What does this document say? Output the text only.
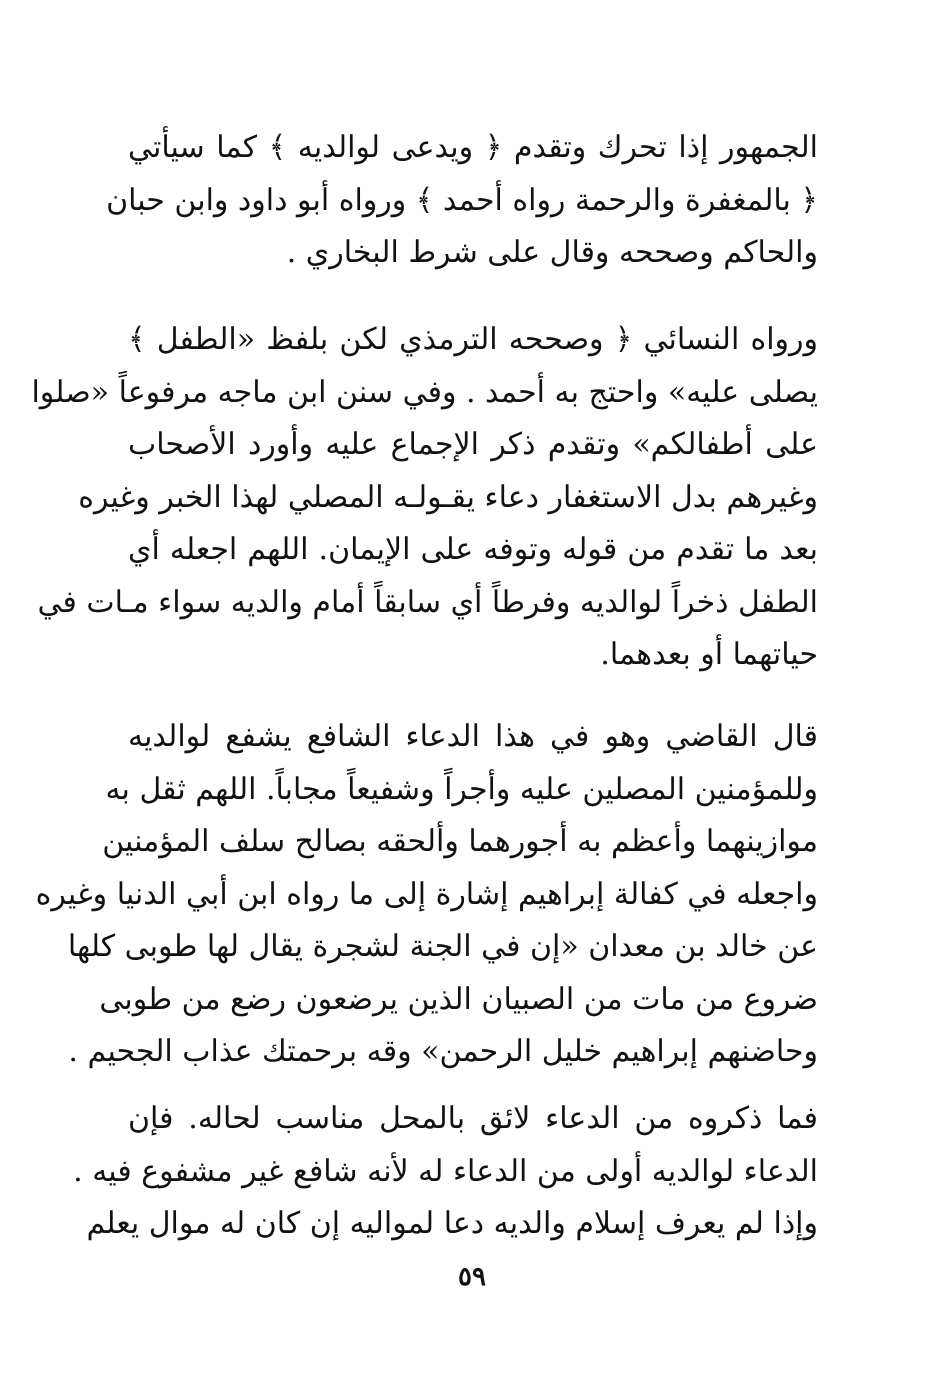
الجمهور إذا تحرك وتقدم ﴿ ويدعى لوالديه ﴾ كما سيأتي
﴿ بالمغفرة والرحمة رواه أحمد ﴾ ورواه أبو داود وابن حبان
والحاكم وصححه وقال على شرط البخاري .
ورواه النسائي ﴿ وصححه الترمذي لكن بلفظ «الطفل ﴾
يصلى عليه» واحتج به أحمد . وفي سنن ابن ماجه مرفوعاً «صلوا
على أطفالكم» وتقدم ذكر الإجماع عليه وأورد الأصحاب
وغيرهم بدل الاستغفار دعاء يقـولـه المصلي لهذا الخبر وغيره
بعد ما تقدم من قوله وتوفه على الإيمان. اللهم اجعله أي
الطفل ذخراً لوالديه وفرطاً أي سابقاً أمام والديه سواء مـات في
حياتهما أو بعدهما.
قال القاضي وهو في هذا الدعاء الشافع يشفع لوالديه
وللمؤمنين المصلين عليه وأجراً وشفيعاً مجاباً. اللهم ثقل به
موازينهما وأعظم به أجورهما وألحقه بصالح سلف المؤمنين
واجعله في كفالة إبراهيم إشارة إلى ما رواه ابن أبي الدنيا وغيره
عن خالد بن معدان «إن في الجنة لشجرة يقال لها طوبى كلها
ضروع من مات من الصبيان الذين يرضعون رضع من طوبى
وحاضنهم إبراهيم خليل الرحمن» وقه برحمتك عذاب الجحيم .
فما ذكروه من الدعاء لائق بالمحل مناسب لحاله. فإن
الدعاء لوالديه أولى من الدعاء له لأنه شافع غير مشفوع فيه .
وإذا لم يعرف إسلام والديه دعا لمواليه إن كان له موال يعلم
٥٩
